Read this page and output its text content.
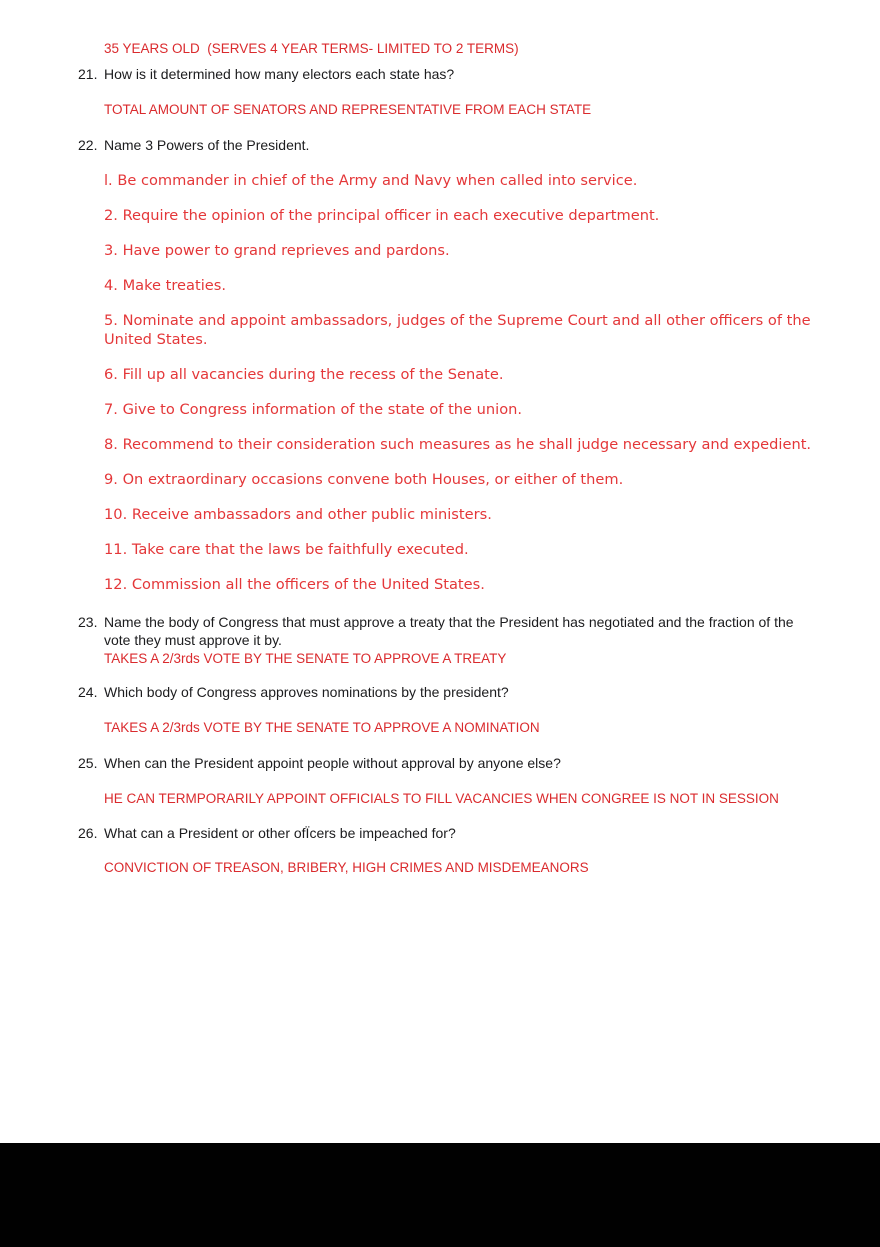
35 YEARS OLD  (SERVES 4 YEAR TERMS- LIMITED TO 2 TERMS)
21. How is it determined how many electors each state has?
TOTAL AMOUNT OF SENATORS AND REPRESENTATIVE FROM EACH STATE
22. Name 3 Powers of the President.
l. Be commander in chief of the Army and Navy when called into service.
2. Require the opinion of the principal officer in each executive department.
3. Have power to grand reprieves and pardons.
4. Make treaties.
5. Nominate and appoint ambassadors, judges of the Supreme Court and all other officers of the United States.
6. Fill up all vacancies during the recess of the Senate.
7. Give to Congress information of the state of the union.
8. Recommend to their consideration such measures as he shall judge necessary and expedient.
9. On extraordinary occasions convene both Houses, or either of them.
10. Receive ambassadors and other public ministers.
11. Take care that the laws be faithfully executed.
12. Commission all the officers of the United States.
23. Name the body of Congress that must approve a treaty that the President has negotiated and the fraction of the vote they must approve it by.
TAKES A 2/3rds VOTE BY THE SENATE TO APPROVE A TREATY
24. Which body of Congress approves nominations by the president?
TAKES A 2/3rds VOTE BY THE SENATE TO APPROVE A NOMINATION
25. When can the President appoint people without approval by anyone else?
HE CAN TERMPORARILY APPOINT OFFICIALS TO FILL VACANCIES WHEN CONGREE IS NOT IN SESSION
26. What can a President or other ofÏcers be impeached for?
CONVICTION OF TREASON, BRIBERY, HIGH CRIMES AND MISDEMEANORS
